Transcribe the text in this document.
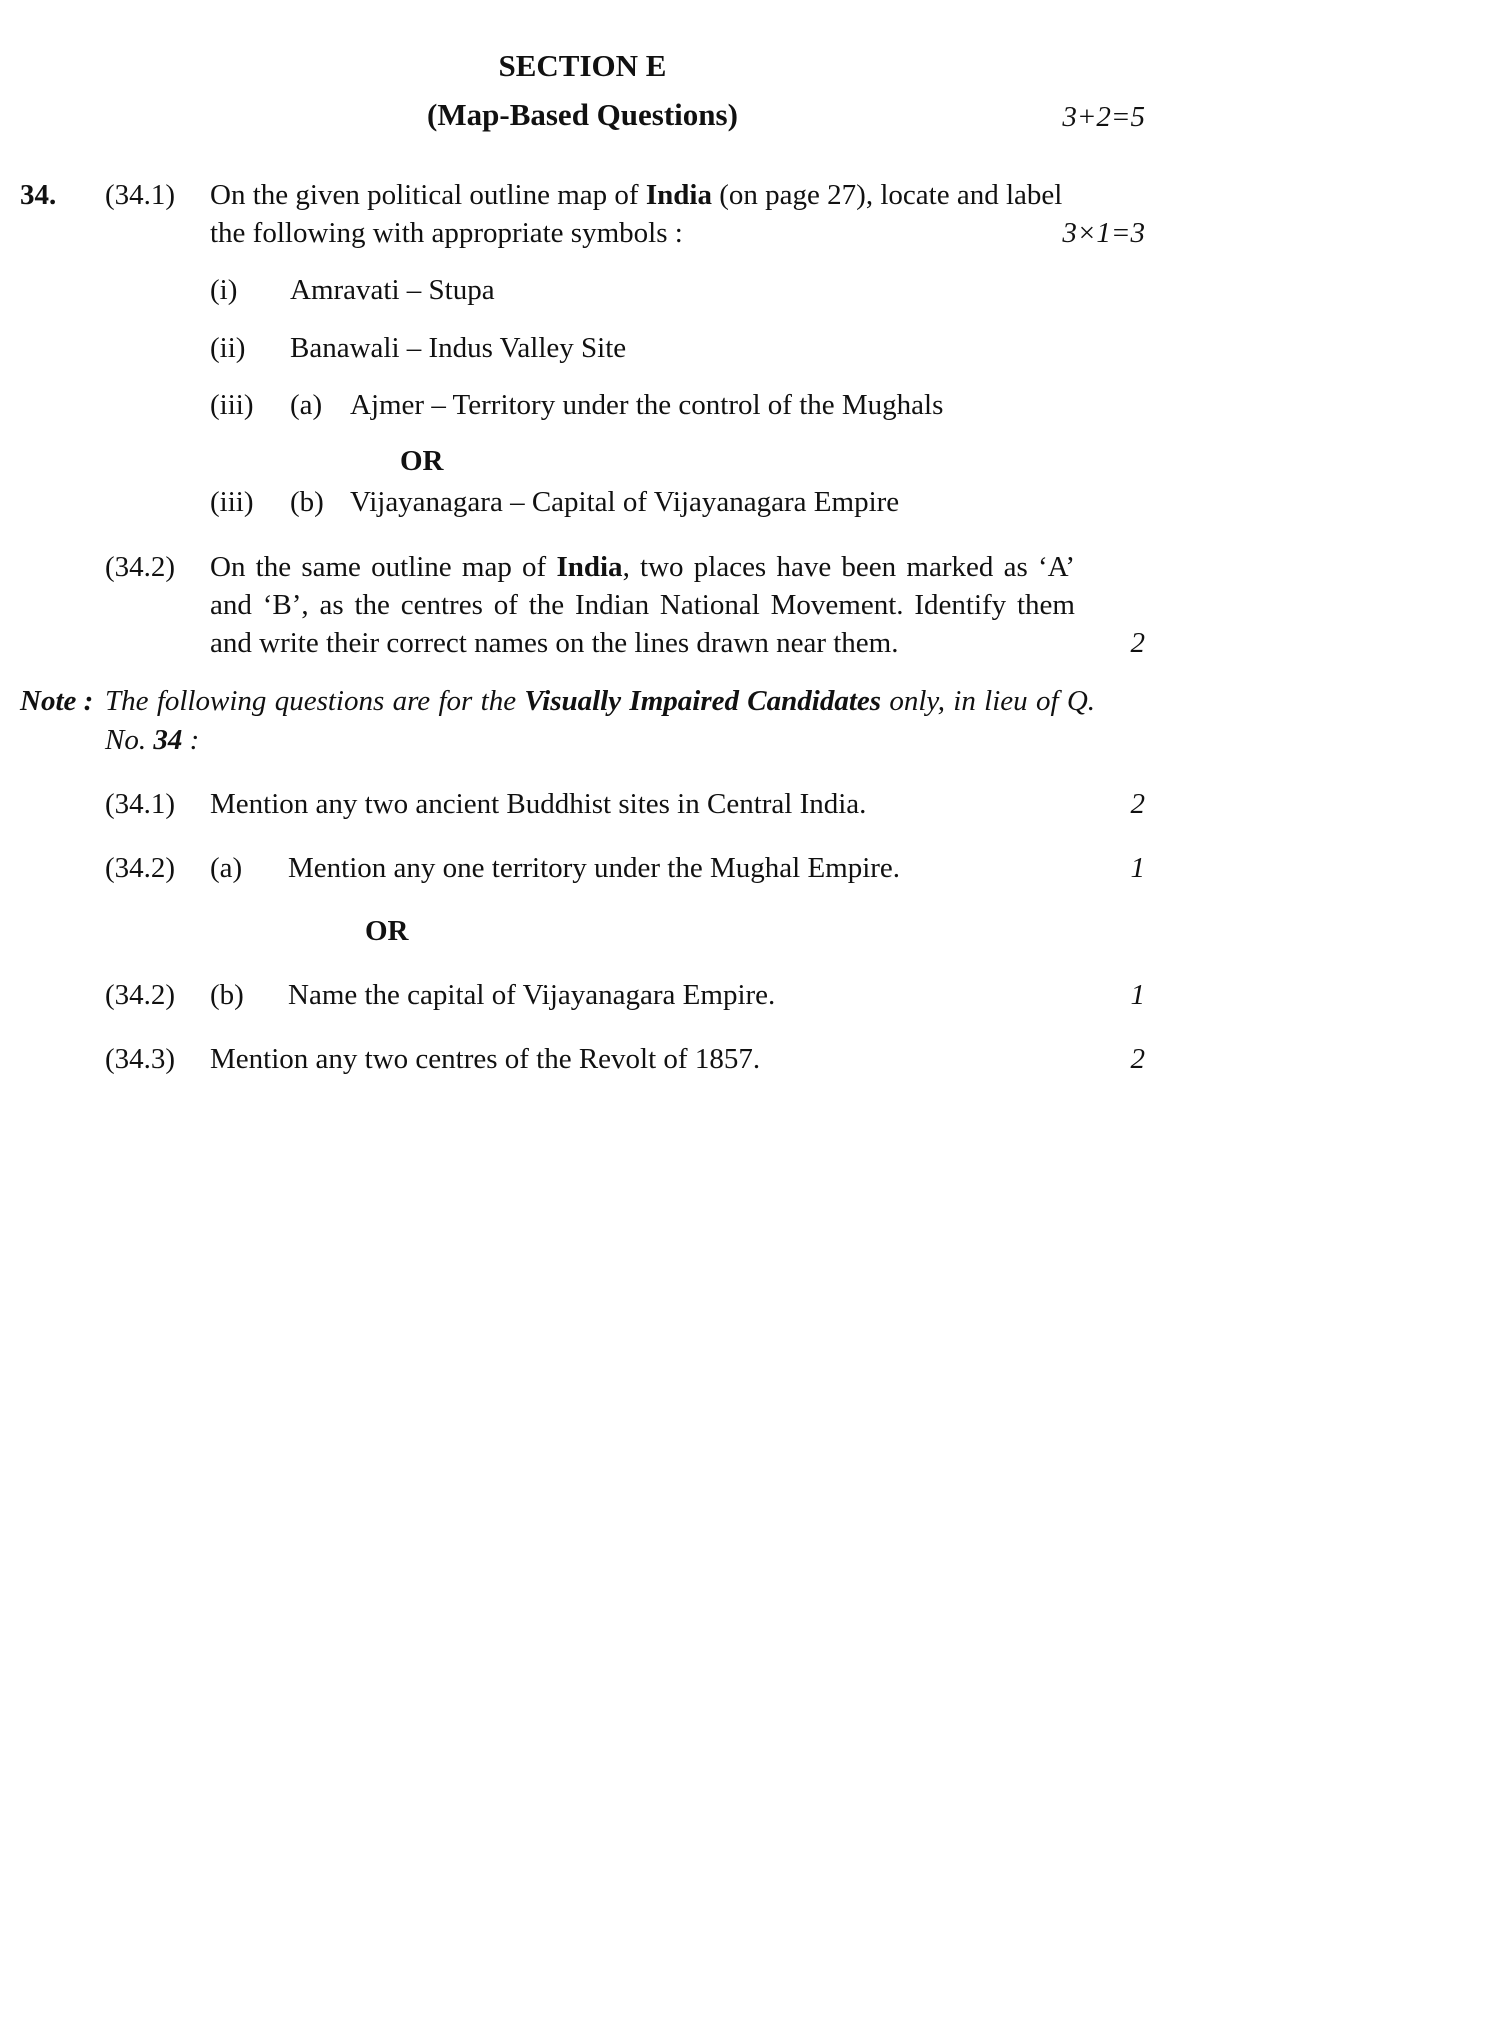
SECTION E
(Map-Based Questions)	3+2=5
34.	(34.1)	On the given political outline map of India (on page 27), locate and label the following with appropriate symbols :	3×1=3
(i)	Amravati – Stupa
(ii)	Banawali – Indus Valley Site
(iii)	(a) Ajmer – Territory under the control of the Mughals
OR
(iii)	(b) Vijayanagara – Capital of Vijayanagara Empire
(34.2)	On the same outline map of India, two places have been marked as ‘A’ and ‘B’, as the centres of the Indian National Movement. Identify them and write their correct names on the lines drawn near them.	2
Note : The following questions are for the Visually Impaired Candidates only, in lieu of Q. No. 34 :
(34.1)	Mention any two ancient Buddhist sites in Central India.	2
(34.2)	(a) Mention any one territory under the Mughal Empire.	1
OR
(34.2)	(b) Name the capital of Vijayanagara Empire.	1
(34.3)	Mention any two centres of the Revolt of 1857.	2
